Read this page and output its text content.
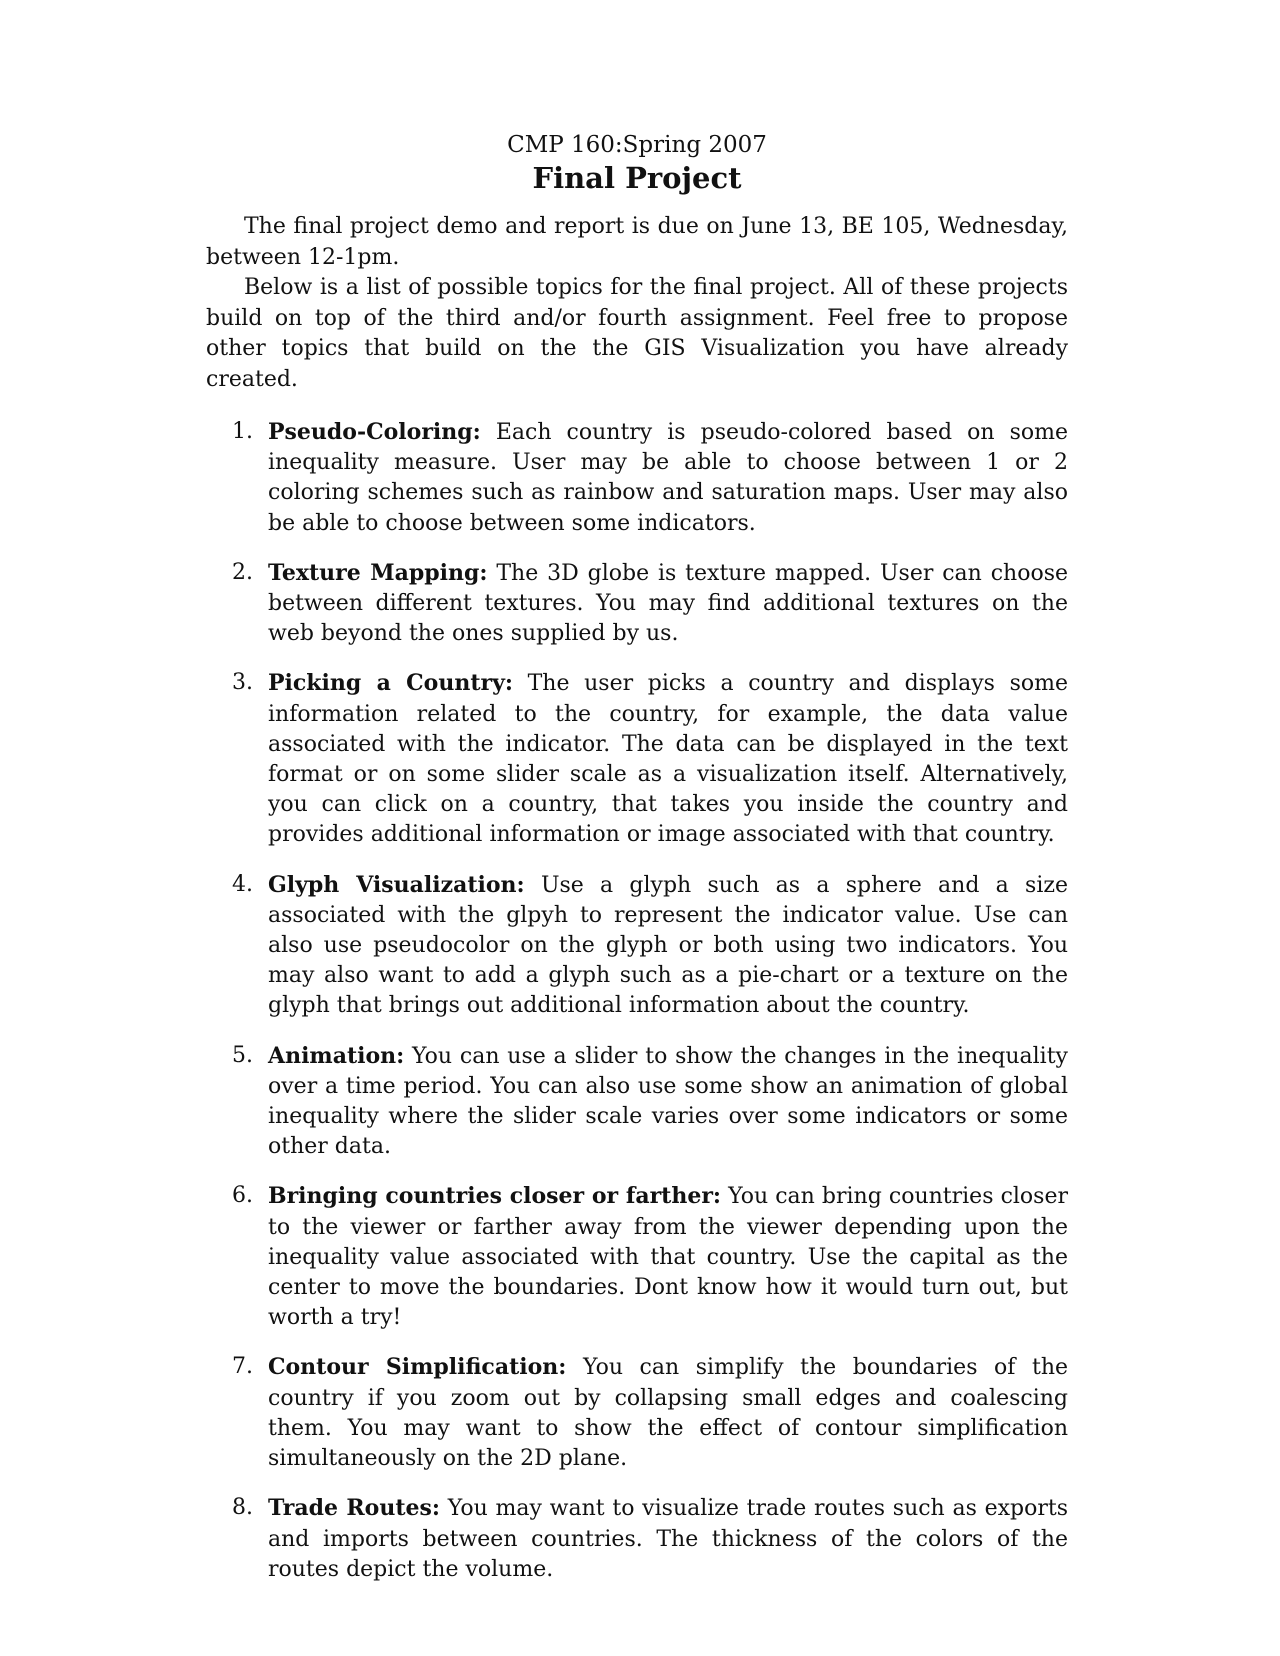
CMP 160:Spring 2007
Final Project

The final project demo and report is due on June 13, BE 105, Wednesday, between 12-1pm.

Below is a list of possible topics for the final project. All of these projects build on top of the third and/or fourth assignment. Feel free to propose other topics that build on the the GIS Visualization you have already created.

1. Pseudo-Coloring: Each country is pseudo-colored based on some inequality measure. User may be able to choose between 1 or 2 coloring schemes such as rainbow and saturation maps. User may also be able to choose between some indicators.
2. Texture Mapping: The 3D globe is texture mapped. User can choose between different textures. You may find additional textures on the web beyond the ones supplied by us.
3. Picking a Country: The user picks a country and displays some information related to the country, for example, the data value associated with the indicator. The data can be displayed in the text format or on some slider scale as a visualization itself. Alternatively, you can click on a country, that takes you inside the country and provides additional information or image associated with that country.
4. Glyph Visualization: Use a glyph such as a sphere and a size associated with the glpyh to represent the indicator value. Use can also use pseudocolor on the glyph or both using two indicators. You may also want to add a glyph such as a pie-chart or a texture on the glyph that brings out additional information about the country.
5. Animation: You can use a slider to show the changes in the inequality over a time period. You can also use some show an animation of global inequality where the slider scale varies over some indicators or some other data.
6. Bringing countries closer or farther: You can bring countries closer to the viewer or farther away from the viewer depending upon the inequality value associated with that country. Use the capital as the center to move the boundaries. Dont know how it would turn out, but worth a try!
7. Contour Simplification: You can simplify the boundaries of the country if you zoom out by collapsing small edges and coalescing them. You may want to show the effect of contour simplification simultaneously on the 2D plane.
8. Trade Routes: You may want to visualize trade routes such as exports and imports between countries. The thickness of the colors of the routes depict the volume.
